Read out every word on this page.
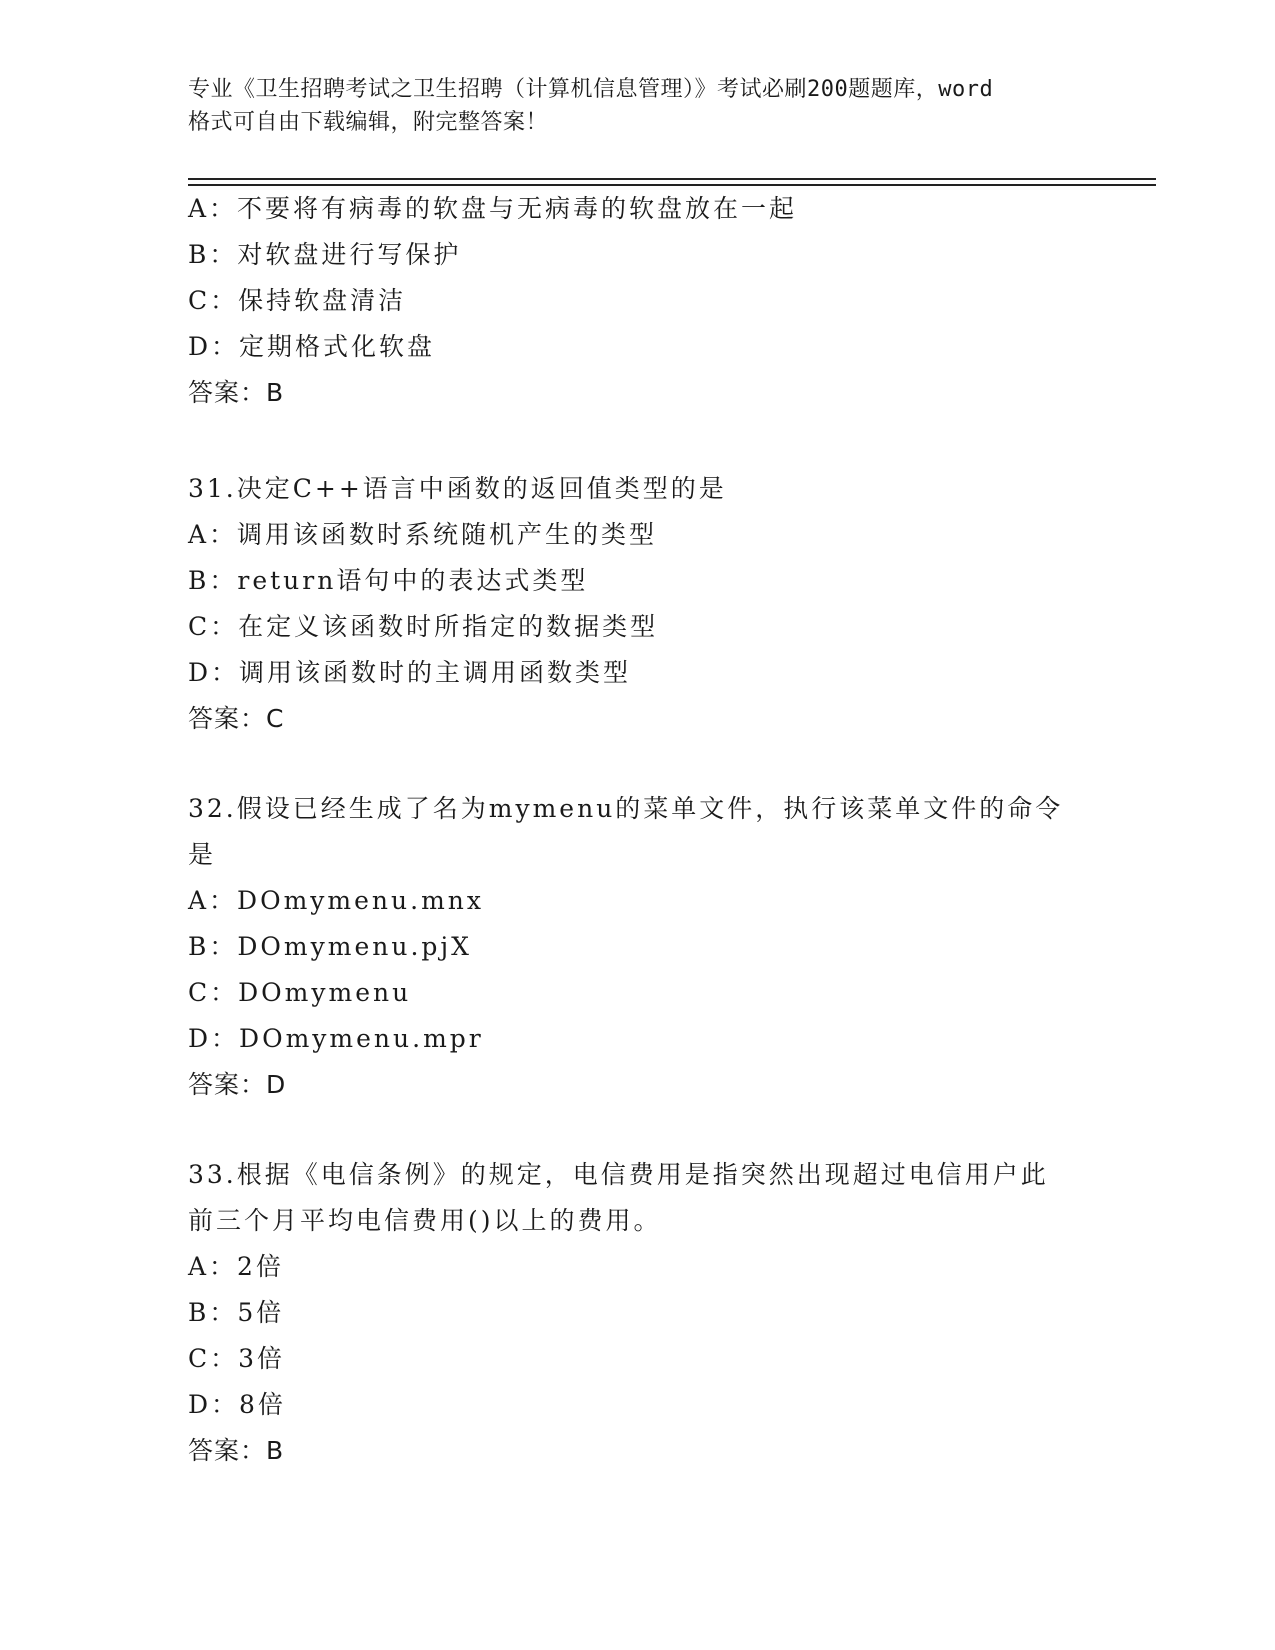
专业《卫生招聘考试之卫生招聘（计算机信息管理）》考试必刷200题题库，word
格式可自由下载编辑，附完整答案！
A：不要将有病毒的软盘与无病毒的软盘放在一起
B：对软盘进行写保护
C：保持软盘清洁
D：定期格式化软盘
答案：B
31.决定C++语言中函数的返回值类型的是
A：调用该函数时系统随机产生的类型
B：return语句中的表达式类型
C：在定义该函数时所指定的数据类型
D：调用该函数时的主调用函数类型
答案：C
32.假设已经生成了名为mymenu的菜单文件，执行该菜单文件的命令
是
A：DOmymenu.mnx
B：DOmymenu.pjX
C：DOmymenu
D：DOmymenu.mpr
答案：D
33.根据《电信条例》的规定，电信费用是指突然出现超过电信用户此
前三个月平均电信费用()以上的费用。
A：2倍
B：5倍
C：3倍
D：8倍
答案：B
